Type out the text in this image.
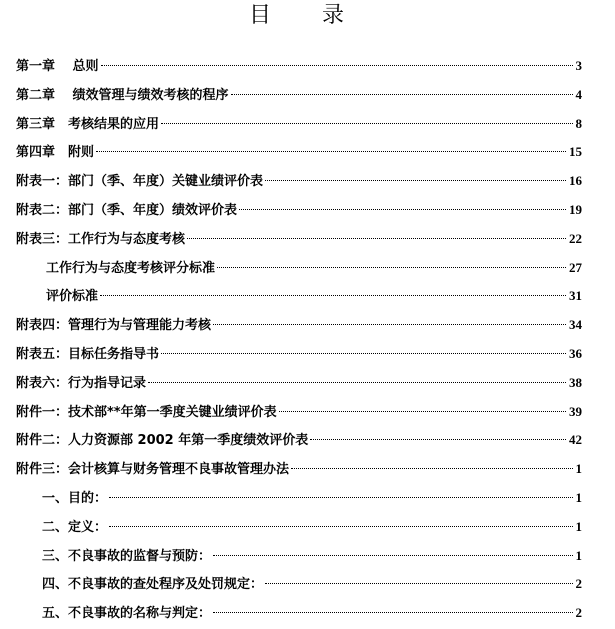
目 录
第一章　 总则	3
第二章　 绩效管理与绩效考核的程序	4
第三章　考核结果的应用	8
第四章　附则	15
附表一：部门（季、年度）关键业绩评价表	16
附表二：部门（季、年度）绩效评价表	19
附表三：工作行为与态度考核	22
工作行为与态度考核评分标准	27
评价标准	31
附表四：管理行为与管理能力考核	34
附表五：目标任务指导书	36
附表六：行为指导记录	38
附件一：技术部**年第一季度关键业绩评价表	39
附件二：人力资源部 2002 年第一季度绩效评价表	42
附件三：会计核算与财务管理不良事故管理办法	1
一、目的：	1
二、定义：	1
三、不良事故的监督与预防：	1
四、不良事故的查处程序及处罚规定：	2
五、不良事故的名称与判定：	2
